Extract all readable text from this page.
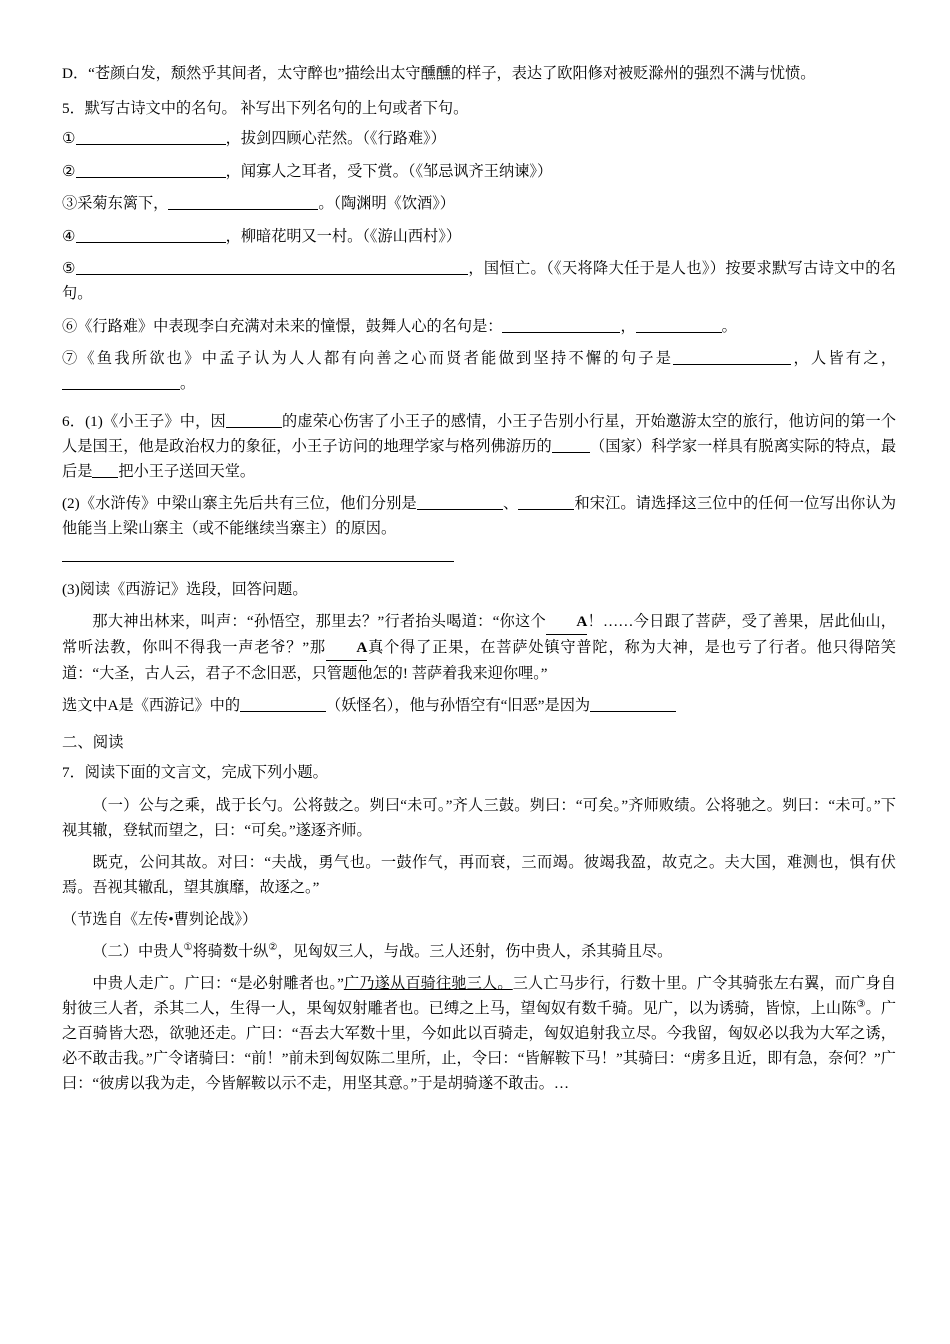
D．“苍颜白发，颓然乎其间者，太守醉也”描绘出太守醺醺的样子，表达了欧阳修对被贬滁州的强烈不满与忧愤。

5．默写古诗文中的名句。 补写出下列名句的上句或者下句。

①	，拔剑四顾心茫然。（《行路难》）

②	，闻寡人之耳者，受下赏。（《邹忌讽齐王纳谏》）

③采菊东篱下，	。（陶渊明《饮酒》）

④	，柳暗花明又一村。（《游山西村》）

⑤	，国恒亡。（《天将降大任于是人也》）按要求默写古诗文中的名句。

⑥《行路难》中表现李白充满对未来的憧憬，鼓舞人心的名句是：	，	。

⑦《鱼我所欲也》中孟子认为人人都有向善之心而贤者能做到坚持不懈的句子是	，人皆有之，。

6．(1)《小王子》中，因	的虚荣心伤害了小王子的感情，小王子告别小行星，开始邀游太空的旅行，他访问的第一个人是国王，他是政治权力的象征，小王子访问的地理学家与格列佛游历的	（国家）科学家一样具有脱离实际的特点，最后是 把小王子送回天堂。

(2)《水浒传》中梁山寨主先后共有三位，他们分别是	、	和宋江。请选择这三位中的任何一位写出你认为他能当上梁山寨主（或不能继续当寨主）的原因。

(3)阅读《西游记》选段，回答问题。

那大神出林来，叫声：“孙悟空，那里去？”行者抬头喝道：“你这个 A！……今日跟了菩萨，受了善果，居此仙山，常听法教，你叫不得我一声老爷？”那 A真个得了正果，在菩萨处镇守普陀，称为大神，是也亏了行者。他只得陪笑道：“大圣，古人云，君子不念旧恶，只管题他怎的! 菩萨着我来迎你哩。”

选文中A是《西游记》中的	（妖怪名），他与孙悟空有“旧恶”是因为

二、阅读

7．阅读下面的文言文，完成下列小题。

（一）公与之乘，战于长勺。公将鼓之。刿曰“未可。”齐人三鼓。刿曰：“可矣。”齐师败绩。公将驰之。刿曰：“未可。”下视其辙，登轼而望之，曰：“可矣。”遂逐齐师。

既克，公问其故。对曰：“夫战，勇气也。一鼓作气，再而衰，三而竭。彼竭我盈，故克之。夫大国，难测也，惧有伏焉。吾视其辙乱，望其旗靡，故逐之。”

（节选自《左传•曹刿论战》）

（二）中贵人①将骑数十纵②，见匈奴三人，与战。三人还射，伤中贵人，杀其骑且尽。

中贵人走广。广曰：“是必射雕者也。”广乃遂从百骑往驰三人。三人亡马步行，行数十里。广令其骑张左右翼，而广身自射彼三人者，杀其二人，生得一人，果匈奴射雕者也。已缚之上马，望匈奴有数千骑。见广，以为诱骑，皆惊，上山陈③。广之百骑皆大恐，欲驰还走。广曰：“吾去大军数十里，今如此以百骑走，匈奴追射我立尽。今我留，匈奴必以我为大军之诱，必不敢击我。”广令诸骑曰：“前！”前未到匈奴陈二里所，止，令曰：“皆解鞍下马！”其骑曰：“虏多且近，即有急，奈何？”广曰：“彼虏以我为走，今皆解鞍以示不走，用坚其意。”于是胡骑遂不敢击。…
